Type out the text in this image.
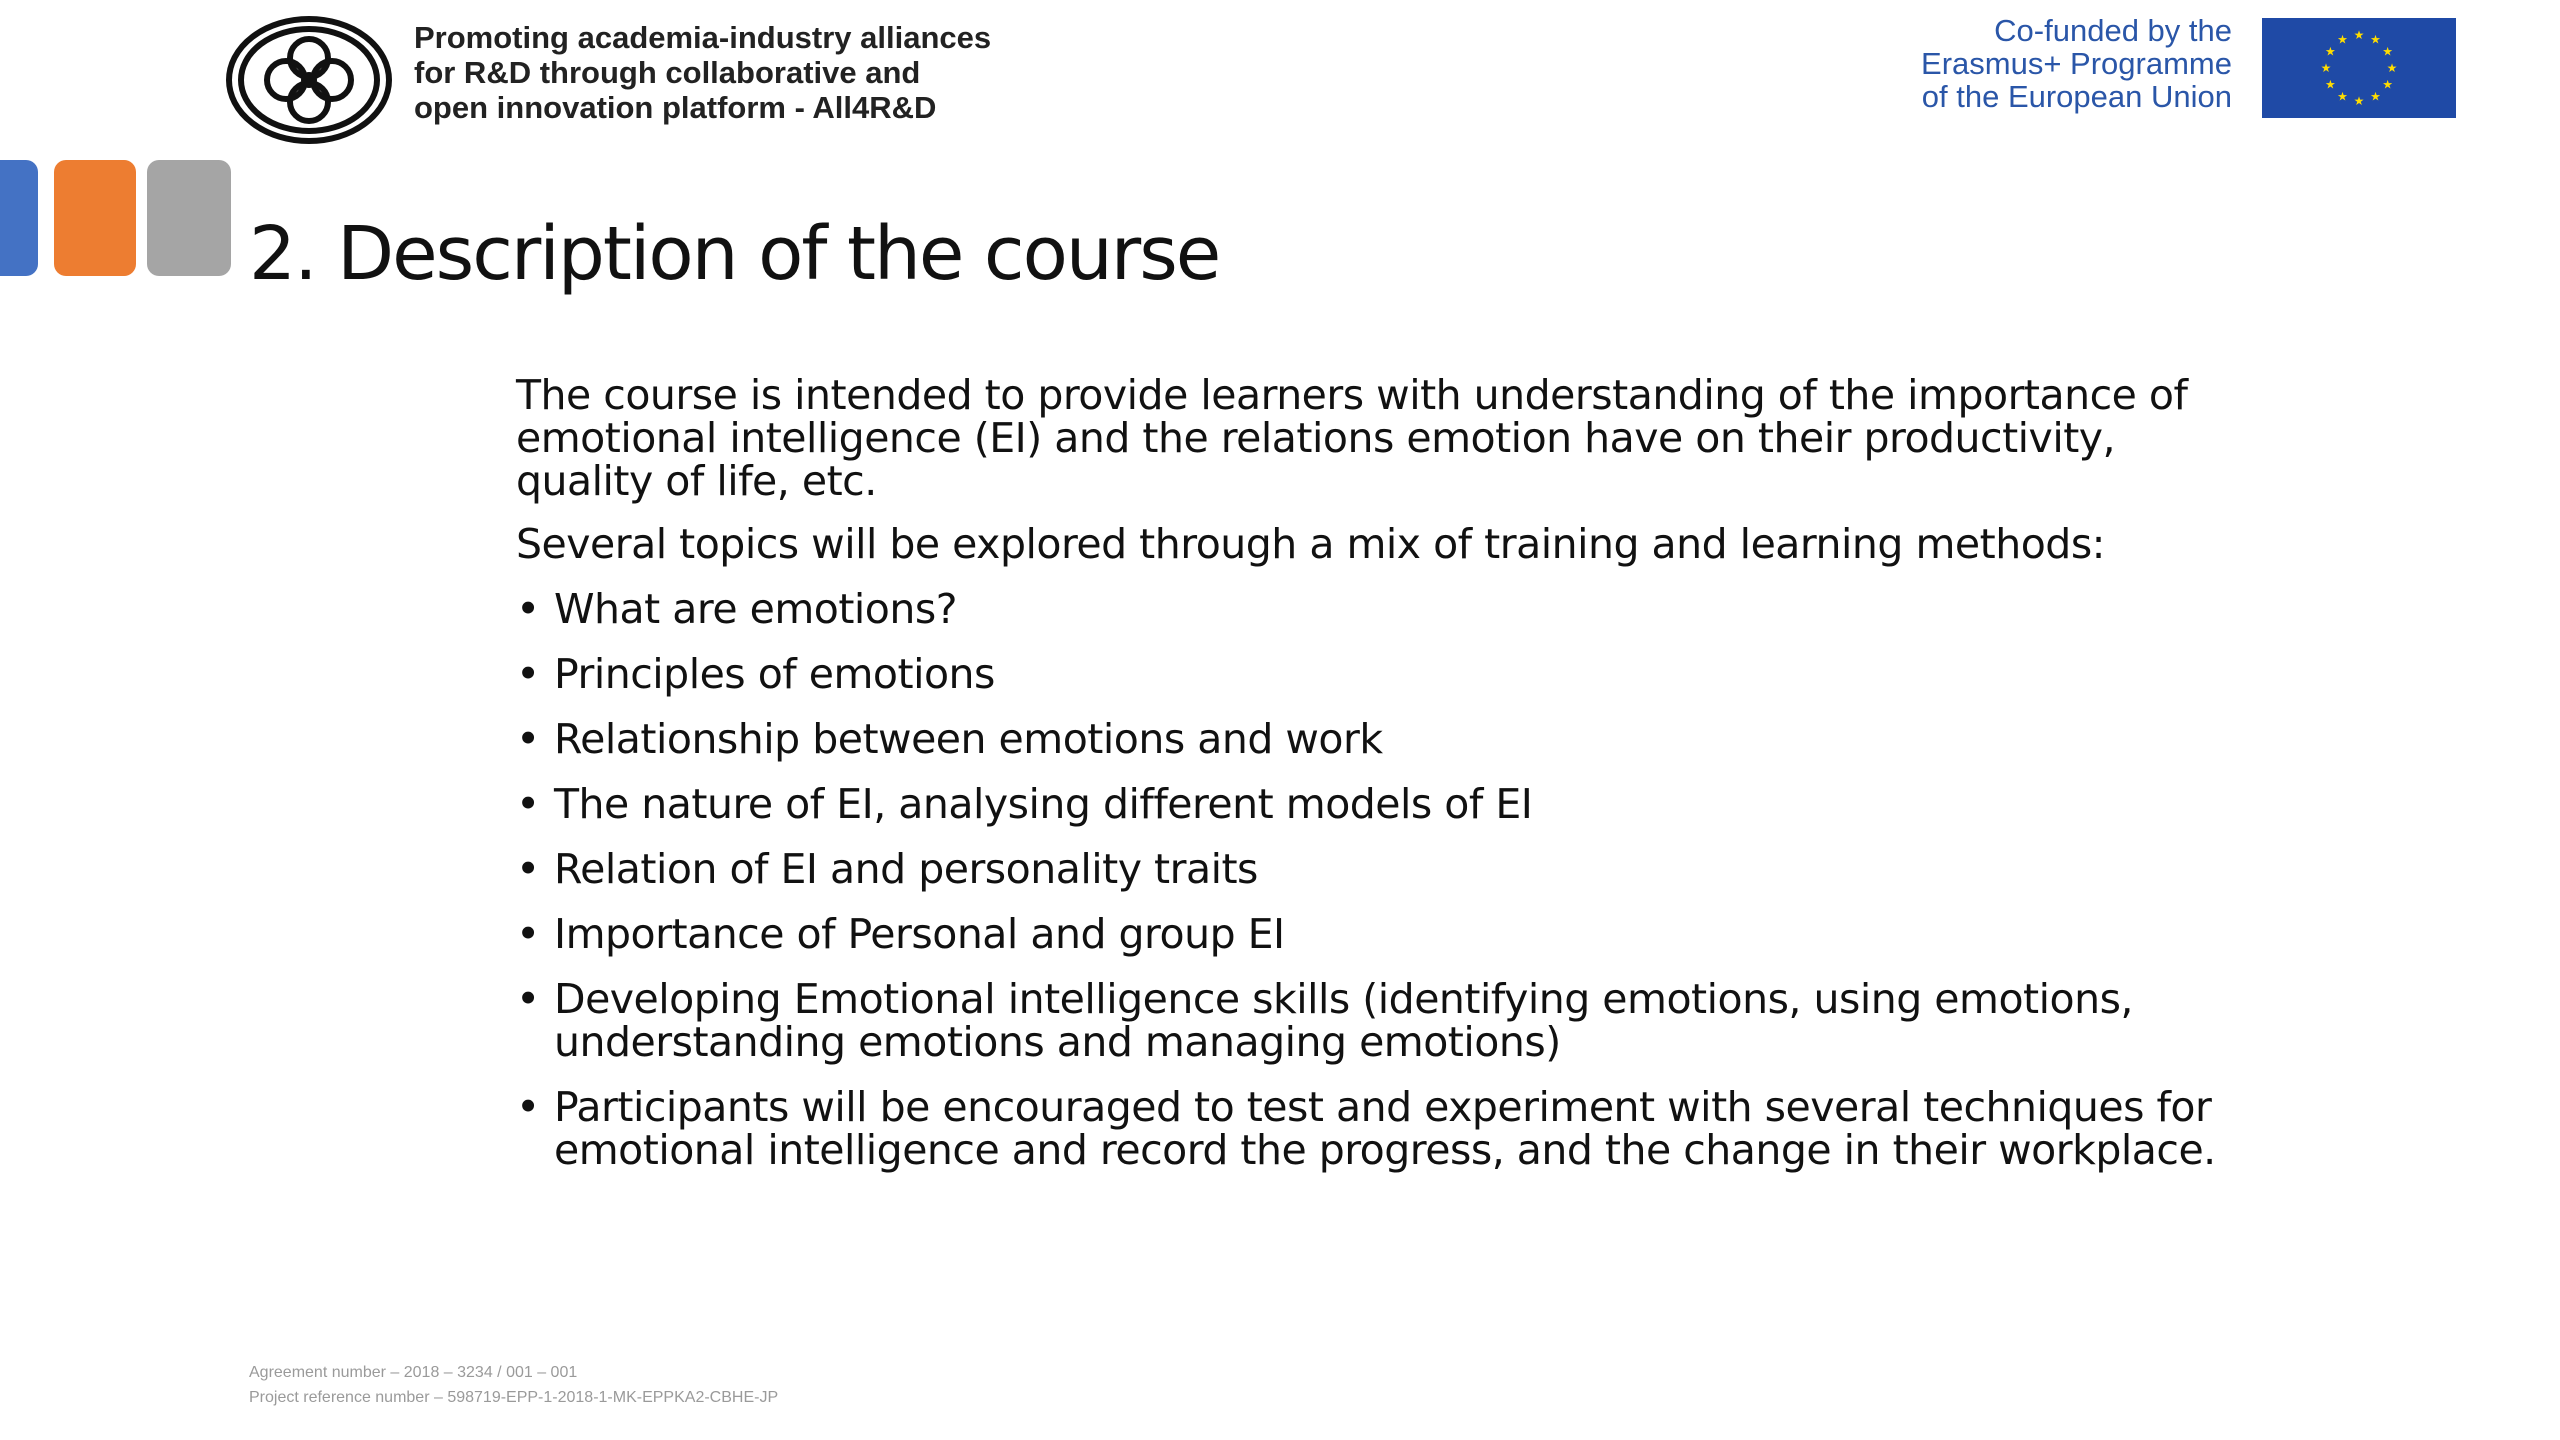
Promoting academia-industry alliances
for R&D through collaborative and
open innovation platform - All4R&D
Co-funded by the
Erasmus+ Programme
of the European Union
★ ★
★
★
★
★
★
★
★
★
★
★
2. Description of the course

The course is intended to provide learners with understanding of the importance of emotional intelligence (EI) and the relations emotion have on their productivity, quality of life, etc.

Several topics will be explored through a mix of training and learning methods:

• What are emotions?
• Principles of emotions
• Relationship between emotions and work
• The nature of EI, analysing different models of EI
• Relation of EI and personality traits
• Importance of Personal and group EI
• Developing Emotional intelligence skills (identifying emotions, using emotions, understanding emotions and managing emotions)
• Participants will be encouraged to test and experiment with several techniques for emotional intelligence and record the progress, and the change in their workplace.
Agreement number – 2018 – 3234 / 001 – 001
Project reference number – 598719-EPP-1-2018-1-MK-EPPKA2-CBHE-JP
